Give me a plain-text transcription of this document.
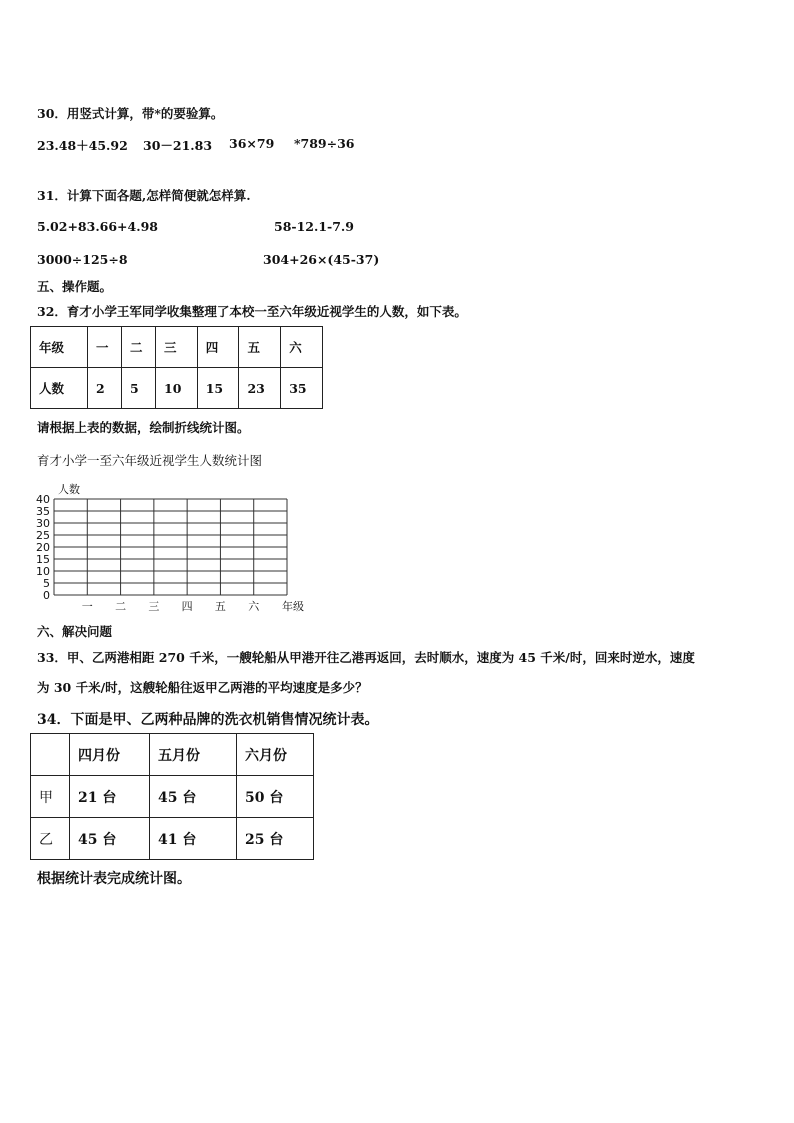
30．用竖式计算，带*的要验算。
23.48＋45.92 30－21.83 36×79 *789÷36
31．计算下面各题,怎样简便就怎样算.
5.02+83.66+4.98	58-12.1-7.9
3000÷125÷8	304+26×(45-37)
五、操作题。
32．育才小学王军同学收集整理了本校一至六年级近视学生的人数，如下表。
年级	一	二	三	四	五	六
人数	2	5	10	15	23	35
请根据上表的数据，绘制折线统计图。
育才小学一至六年级近视学生人数统计图
0
5
10
15
20
25
30
35
40
一 二 三 四 五 六
人数
年级
六、解决问题
33．甲、乙两港相距 270 千米，一艘轮船从甲港开往乙港再返回，去时顺水，速度为 45 千米/时，回来时逆水，速度
为 30 千米/时，这艘轮船往返甲乙两港的平均速度是多少？
34．下面是甲、乙两种品牌的洗衣机销售情况统计表。
	四月份	五月份	六月份
甲	21 台	45 台	50 台
乙	45 台	41 台	25 台
根据统计表完成统计图。
